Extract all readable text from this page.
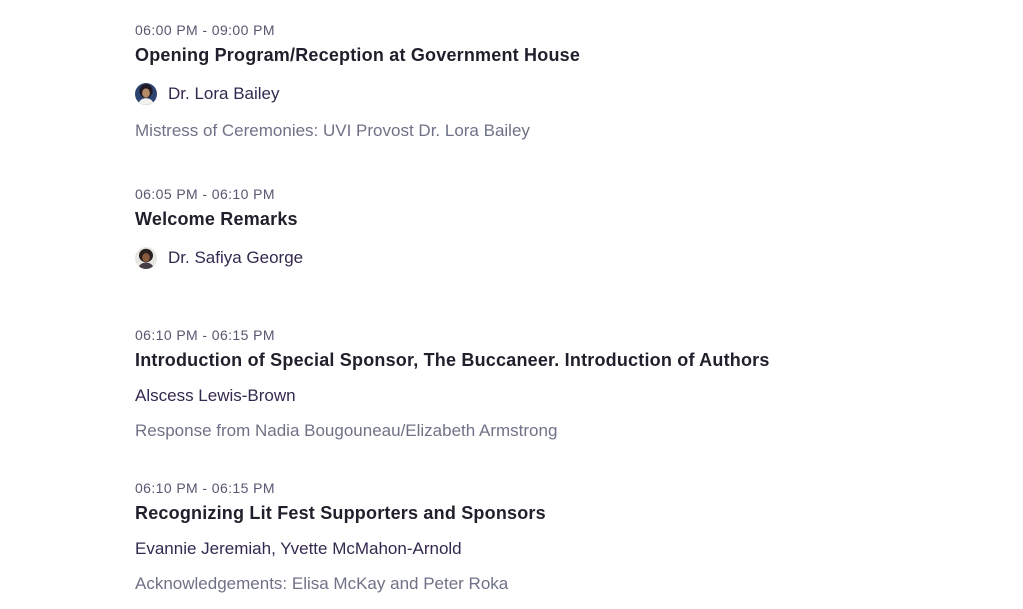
06:00 PM - 09:00 PM
Opening Program/Reception at Government House
Dr. Lora Bailey

Mistress of Ceremonies: UVI Provost Dr. Lora Bailey

06:05 PM - 06:10 PM
Welcome Remarks
Dr. Safiya George
06:10 PM - 06:15 PM
Introduction of Special Sponsor, The Buccaneer. Introduction of Authors
Alscess Lewis-Brown

Response from Nadia Bougouneau/Elizabeth Armstrong

06:10 PM - 06:15 PM
Recognizing Lit Fest Supporters and Sponsors
Evannie Jeremiah, Yvette McMahon-Arnold

Acknowledgements: Elisa McKay and Peter Roka
